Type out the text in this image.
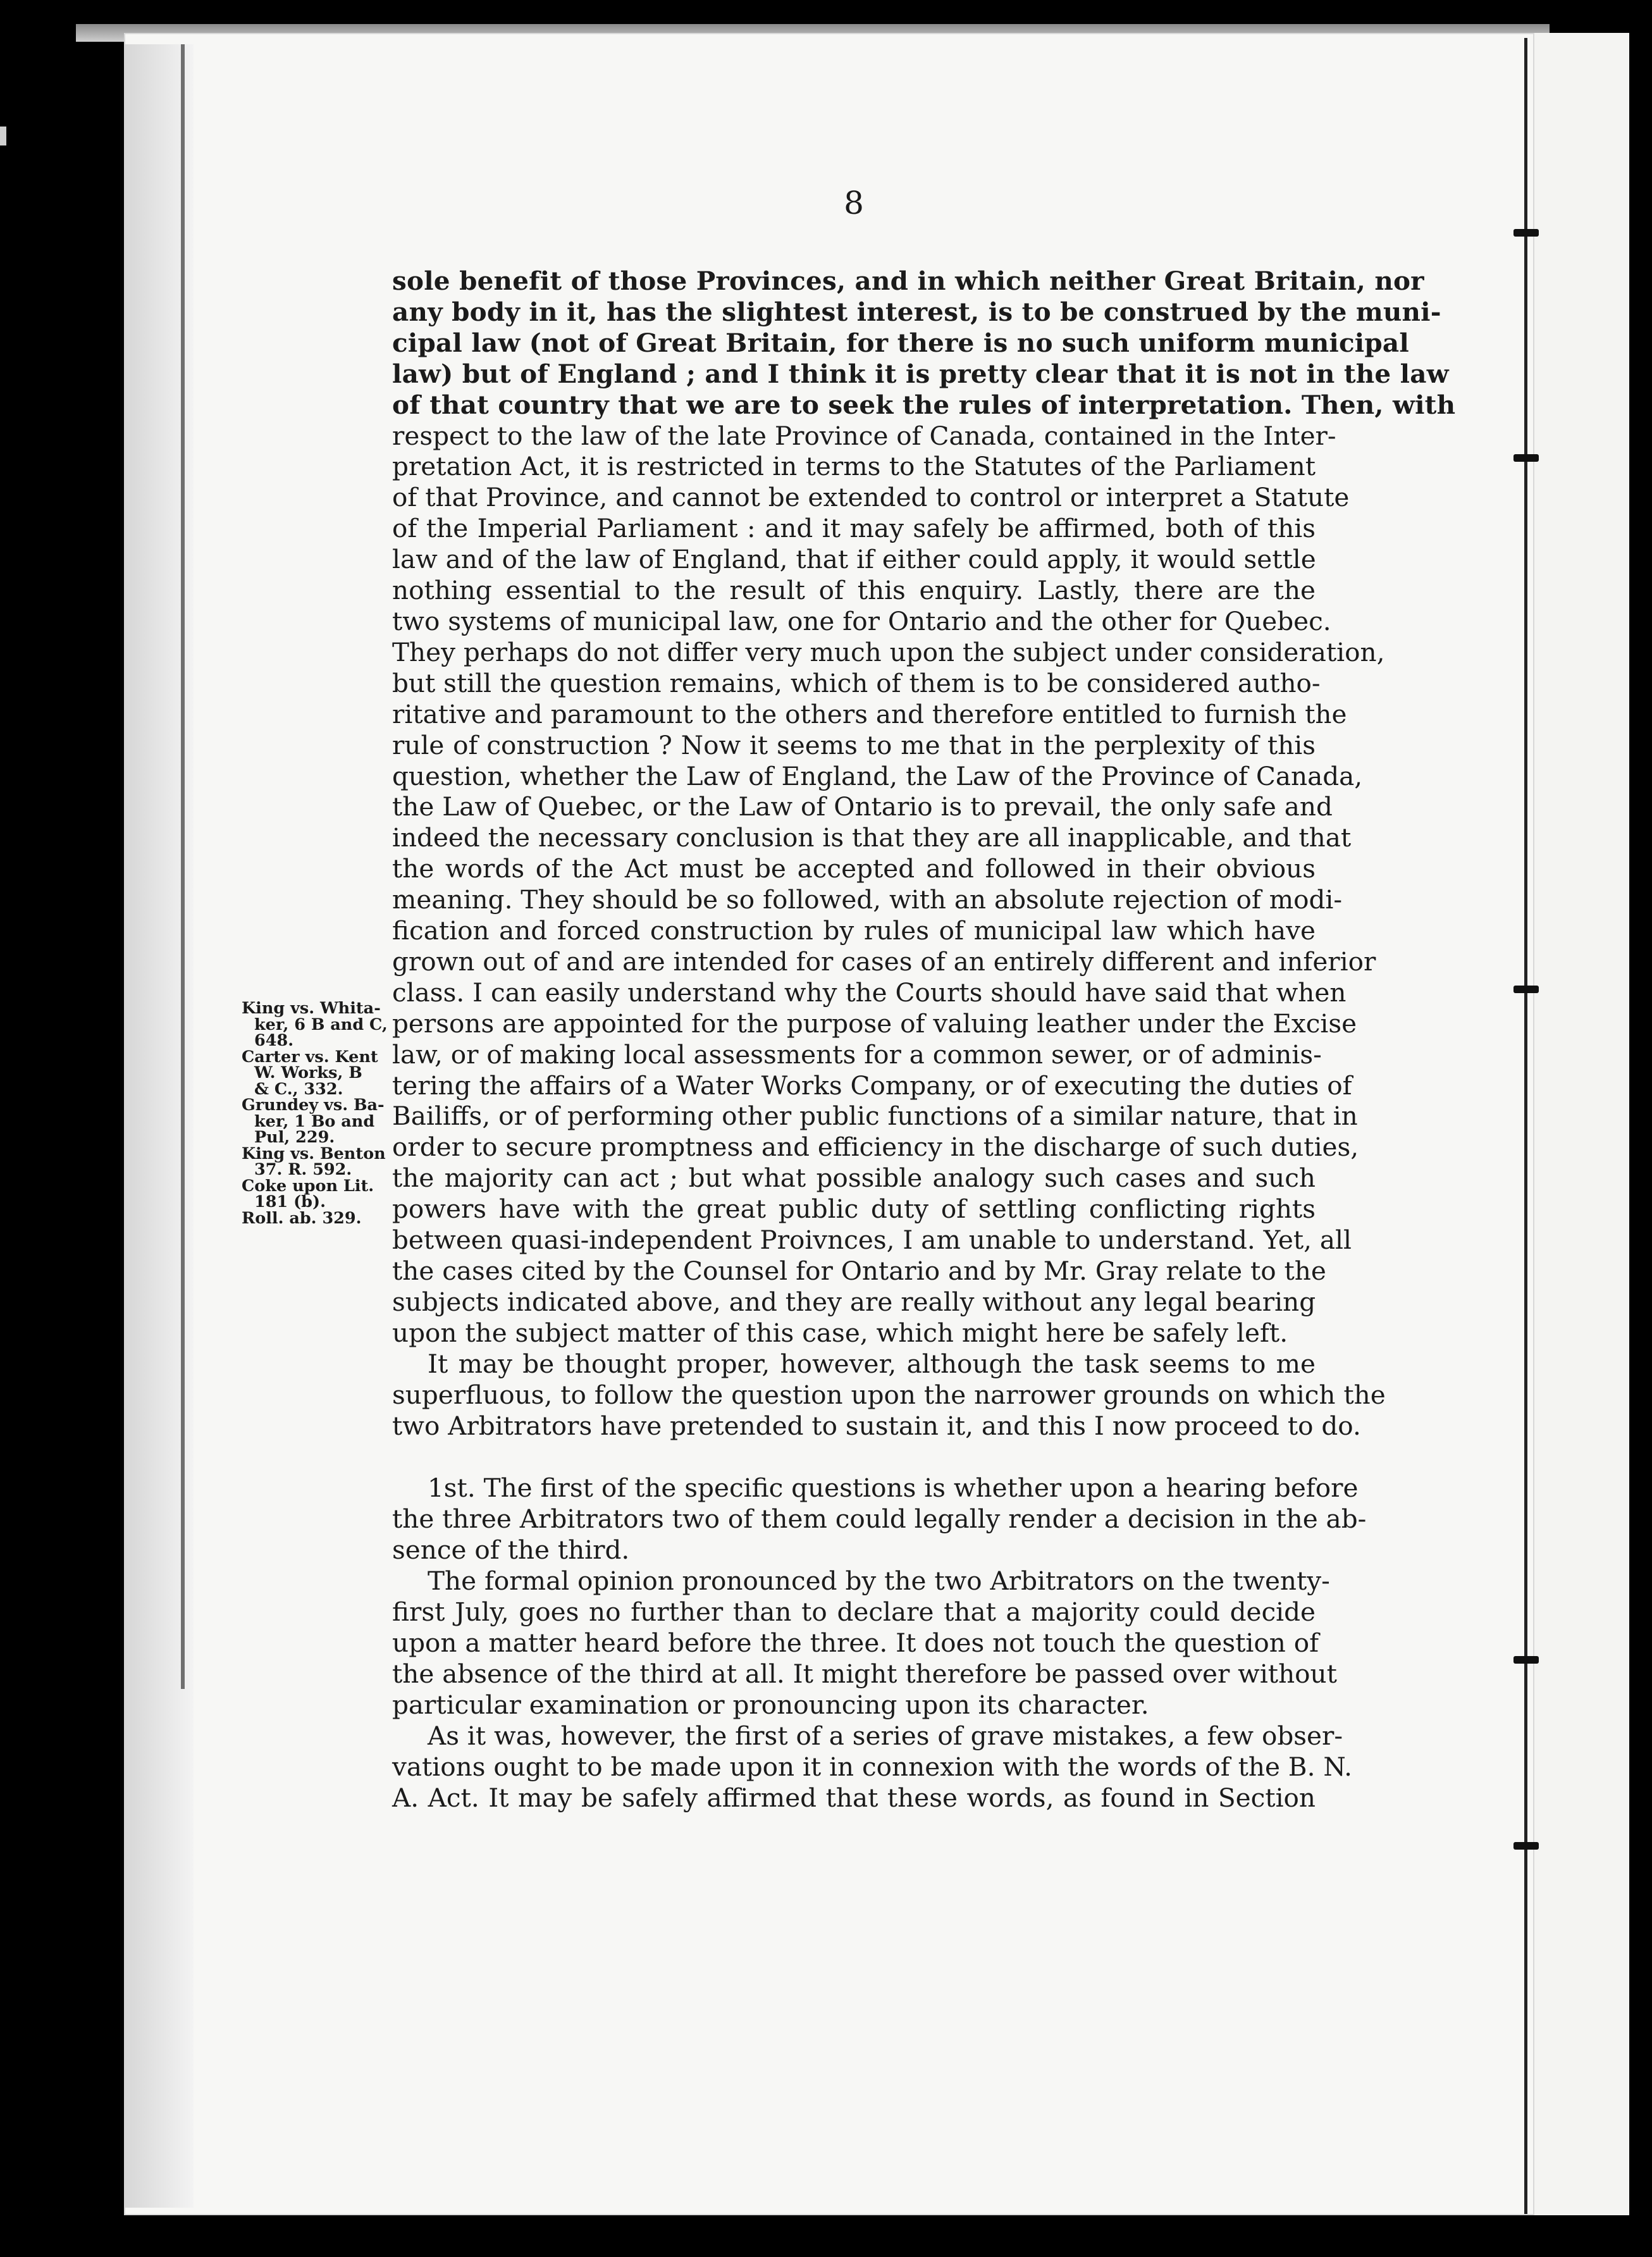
8
King vs. Whita-
ker, 6 B and C,
648.
Carter vs. Kent
W. Works, B
& C., 332.
Grundey vs. Ba-
ker, 1 Bo and
Pul, 229.
King vs. Benton
37. R. 592.
Coke upon Lit.
181 (b).
Roll. ab. 329.
sole benefit of those Provinces, and in which neither Great Britain, nor
any body in it, has the slightest interest, is to be construed by the muni-
cipal law (not of Great Britain, for there is no such uniform municipal
law) but of England ; and I think it is pretty clear that it is not in the law
of that country that we are to seek the rules of interpretation. Then, with
respect to the law of the late Province of Canada, contained in the Inter-
pretation Act, it is restricted in terms to the Statutes of the Parliament
of that Province, and cannot be extended to control or interpret a Statute
of the Imperial Parliament : and it may safely be affirmed, both of this
law and of the law of England, that if either could apply, it would settle
nothing essential to the result of this enquiry. Lastly, there are the
two systems of municipal law, one for Ontario and the other for Quebec.
They perhaps do not differ very much upon the subject under consideration,
but still the question remains, which of them is to be considered autho-
ritative and paramount to the others and therefore entitled to furnish the
rule of construction ? Now it seems to me that in the perplexity of this
question, whether the Law of England, the Law of the Province of Canada,
the Law of Quebec, or the Law of Ontario is to prevail, the only safe and
indeed the necessary conclusion is that they are all inapplicable, and that
the words of the Act must be accepted and followed in their obvious
meaning. They should be so followed, with an absolute rejection of modi-
fication and forced construction by rules of municipal law which have
grown out of and are intended for cases of an entirely different and inferior
class. I can easily understand why the Courts should have said that when
persons are appointed for the purpose of valuing leather under the Excise
law, or of making local assessments for a common sewer, or of adminis-
tering the affairs of a Water Works Company, or of executing the duties of
Bailiffs, or of performing other public functions of a similar nature, that in
order to secure promptness and efficiency in the discharge of such duties,
the majority can act ; but what possible analogy such cases and such
powers have with the great public duty of settling conflicting rights
between quasi-independent Proivnces, I am unable to understand. Yet, all
the cases cited by the Counsel for Ontario and by Mr. Gray relate to the
subjects indicated above, and they are really without any legal bearing
upon the subject matter of this case, which might here be safely left.
It may be thought proper, however, although the task seems to me
superfluous, to follow the question upon the narrower grounds on which the
two Arbitrators have pretended to sustain it, and this I now proceed to do.
1st. The first of the specific questions is whether upon a hearing before
the three Arbitrators two of them could legally render a decision in the ab-
sence of the third.
The formal opinion pronounced by the two Arbitrators on the twenty-
first July, goes no further than to declare that a majority could decide
upon a matter heard before the three. It does not touch the question of
the absence of the third at all. It might therefore be passed over without
particular examination or pronouncing upon its character.
As it was, however, the first of a series of grave mistakes, a few obser-
vations ought to be made upon it in connexion with the words of the B. N.
A. Act. It may be safely affirmed that these words, as found in Section
